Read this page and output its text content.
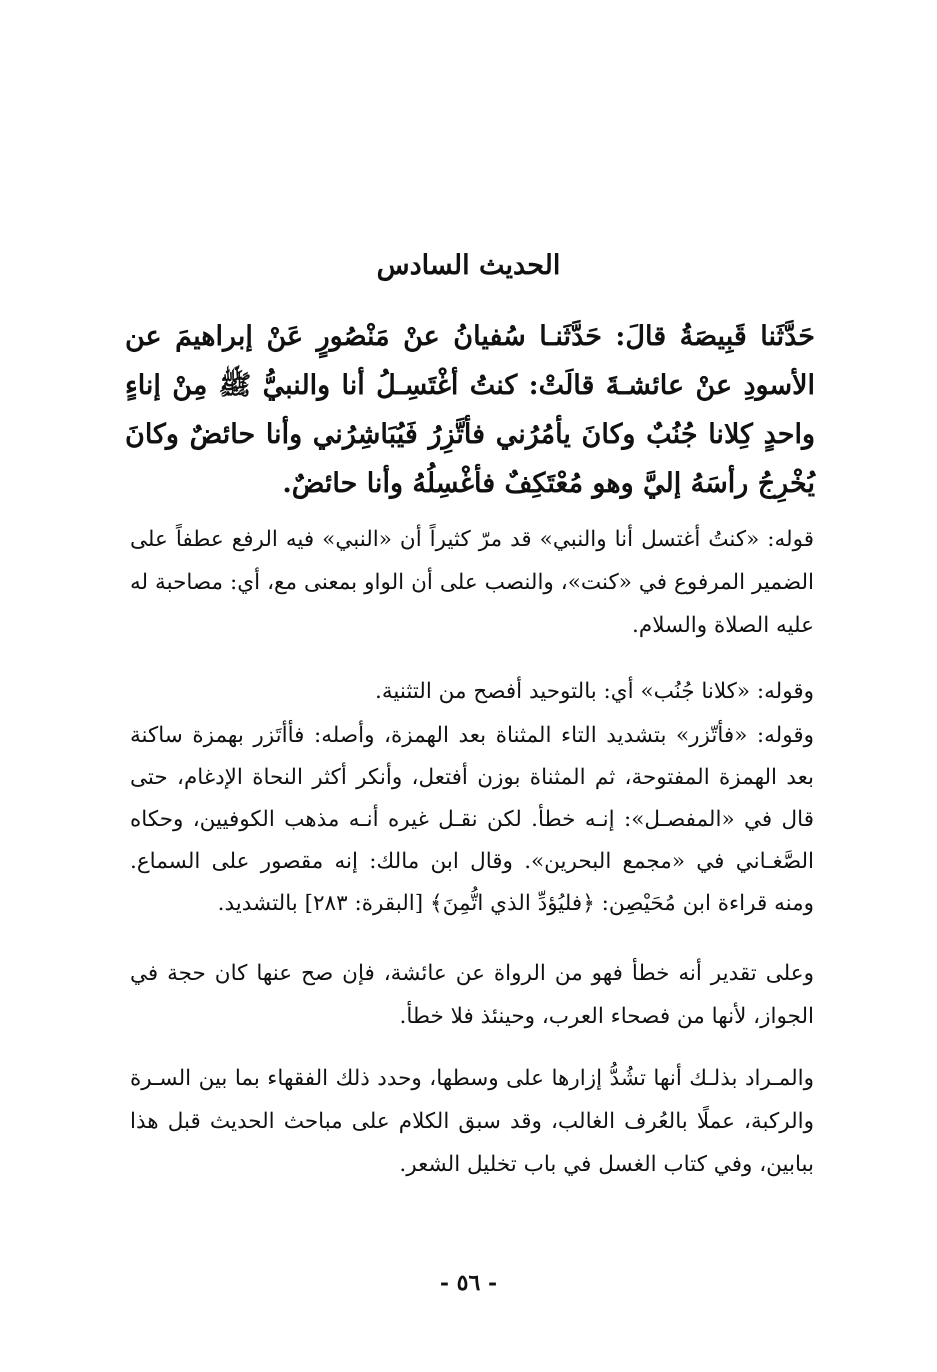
الحديث السادس
حَدَّثَنا قَبِيصَةُ قالَ: حَدَّثَنـا سُفيانُ عنْ مَنْصُورٍ عَنْ إبراهيمَ عن الأسودِ عنْ عائشـةَ قالَتْ: كنتُ أغْتَسِـلُ أنا والنبيُّ ﷺ مِنْ إناءٍ واحدٍ كِلانا جُنُبٌ وكانَ يأمُرُني فأتَّزِرُ فَيُبَاشِرُني وأنا حائضٌ وكانَ يُخْرِجُ رأسَهُ إليَّ وهو مُعْتَكِفٌ فأغْسِلُهُ وأنا حائضٌ.
قوله: «كنتُ أغتسل أنا والنبي» قد مرّ كثيراً أن «النبي» فيه الرفع عطفاً على الضمير المرفوع في «كنت»، والنصب على أن الواو بمعنى مع، أي: مصاحبة له عليه الصلاة والسلام.
وقوله: «كلانا جُنُب» أي: بالتوحيد أفصح من التثنية.
وقوله: «فأتّزر» بتشديد التاء المثناة بعد الهمزة، وأصله: فأأتَزر بهمزة ساكنة بعد الهمزة المفتوحة، ثم المثناة بوزن أفتعل، وأنكر أكثر النحاة الإدغام، حتى قال في «المفصـل»: إنـه خطأ. لكن نقـل غيره أنـه مذهب الكوفيين، وحكاه الصَّغـاني في «مجمع البحرين». وقال ابن مالك: إنه مقصور على السماع. ومنه قراءة ابن مُحَيْصِن: ﴿فليُؤدِّ الذي اتُّمِنَ﴾ [البقرة: ٢٨٣] بالتشديد.
وعلى تقدير أنه خطأ فهو من الرواة عن عائشة، فإن صح عنها كان حجة في الجواز، لأنها من فصحاء العرب، وحينئذ فلا خطأ.
والمـراد بذلـك أنها تشُدُّ إزارها على وسطها، وحدد ذلك الفقهاء بما بين السـرة والركبة، عملًا بالعُرف الغالب، وقد سبق الكلام على مباحث الحديث قبل هذا ببابين، وفي كتاب الغسل في باب تخليل الشعر.
- ٥٦ -
